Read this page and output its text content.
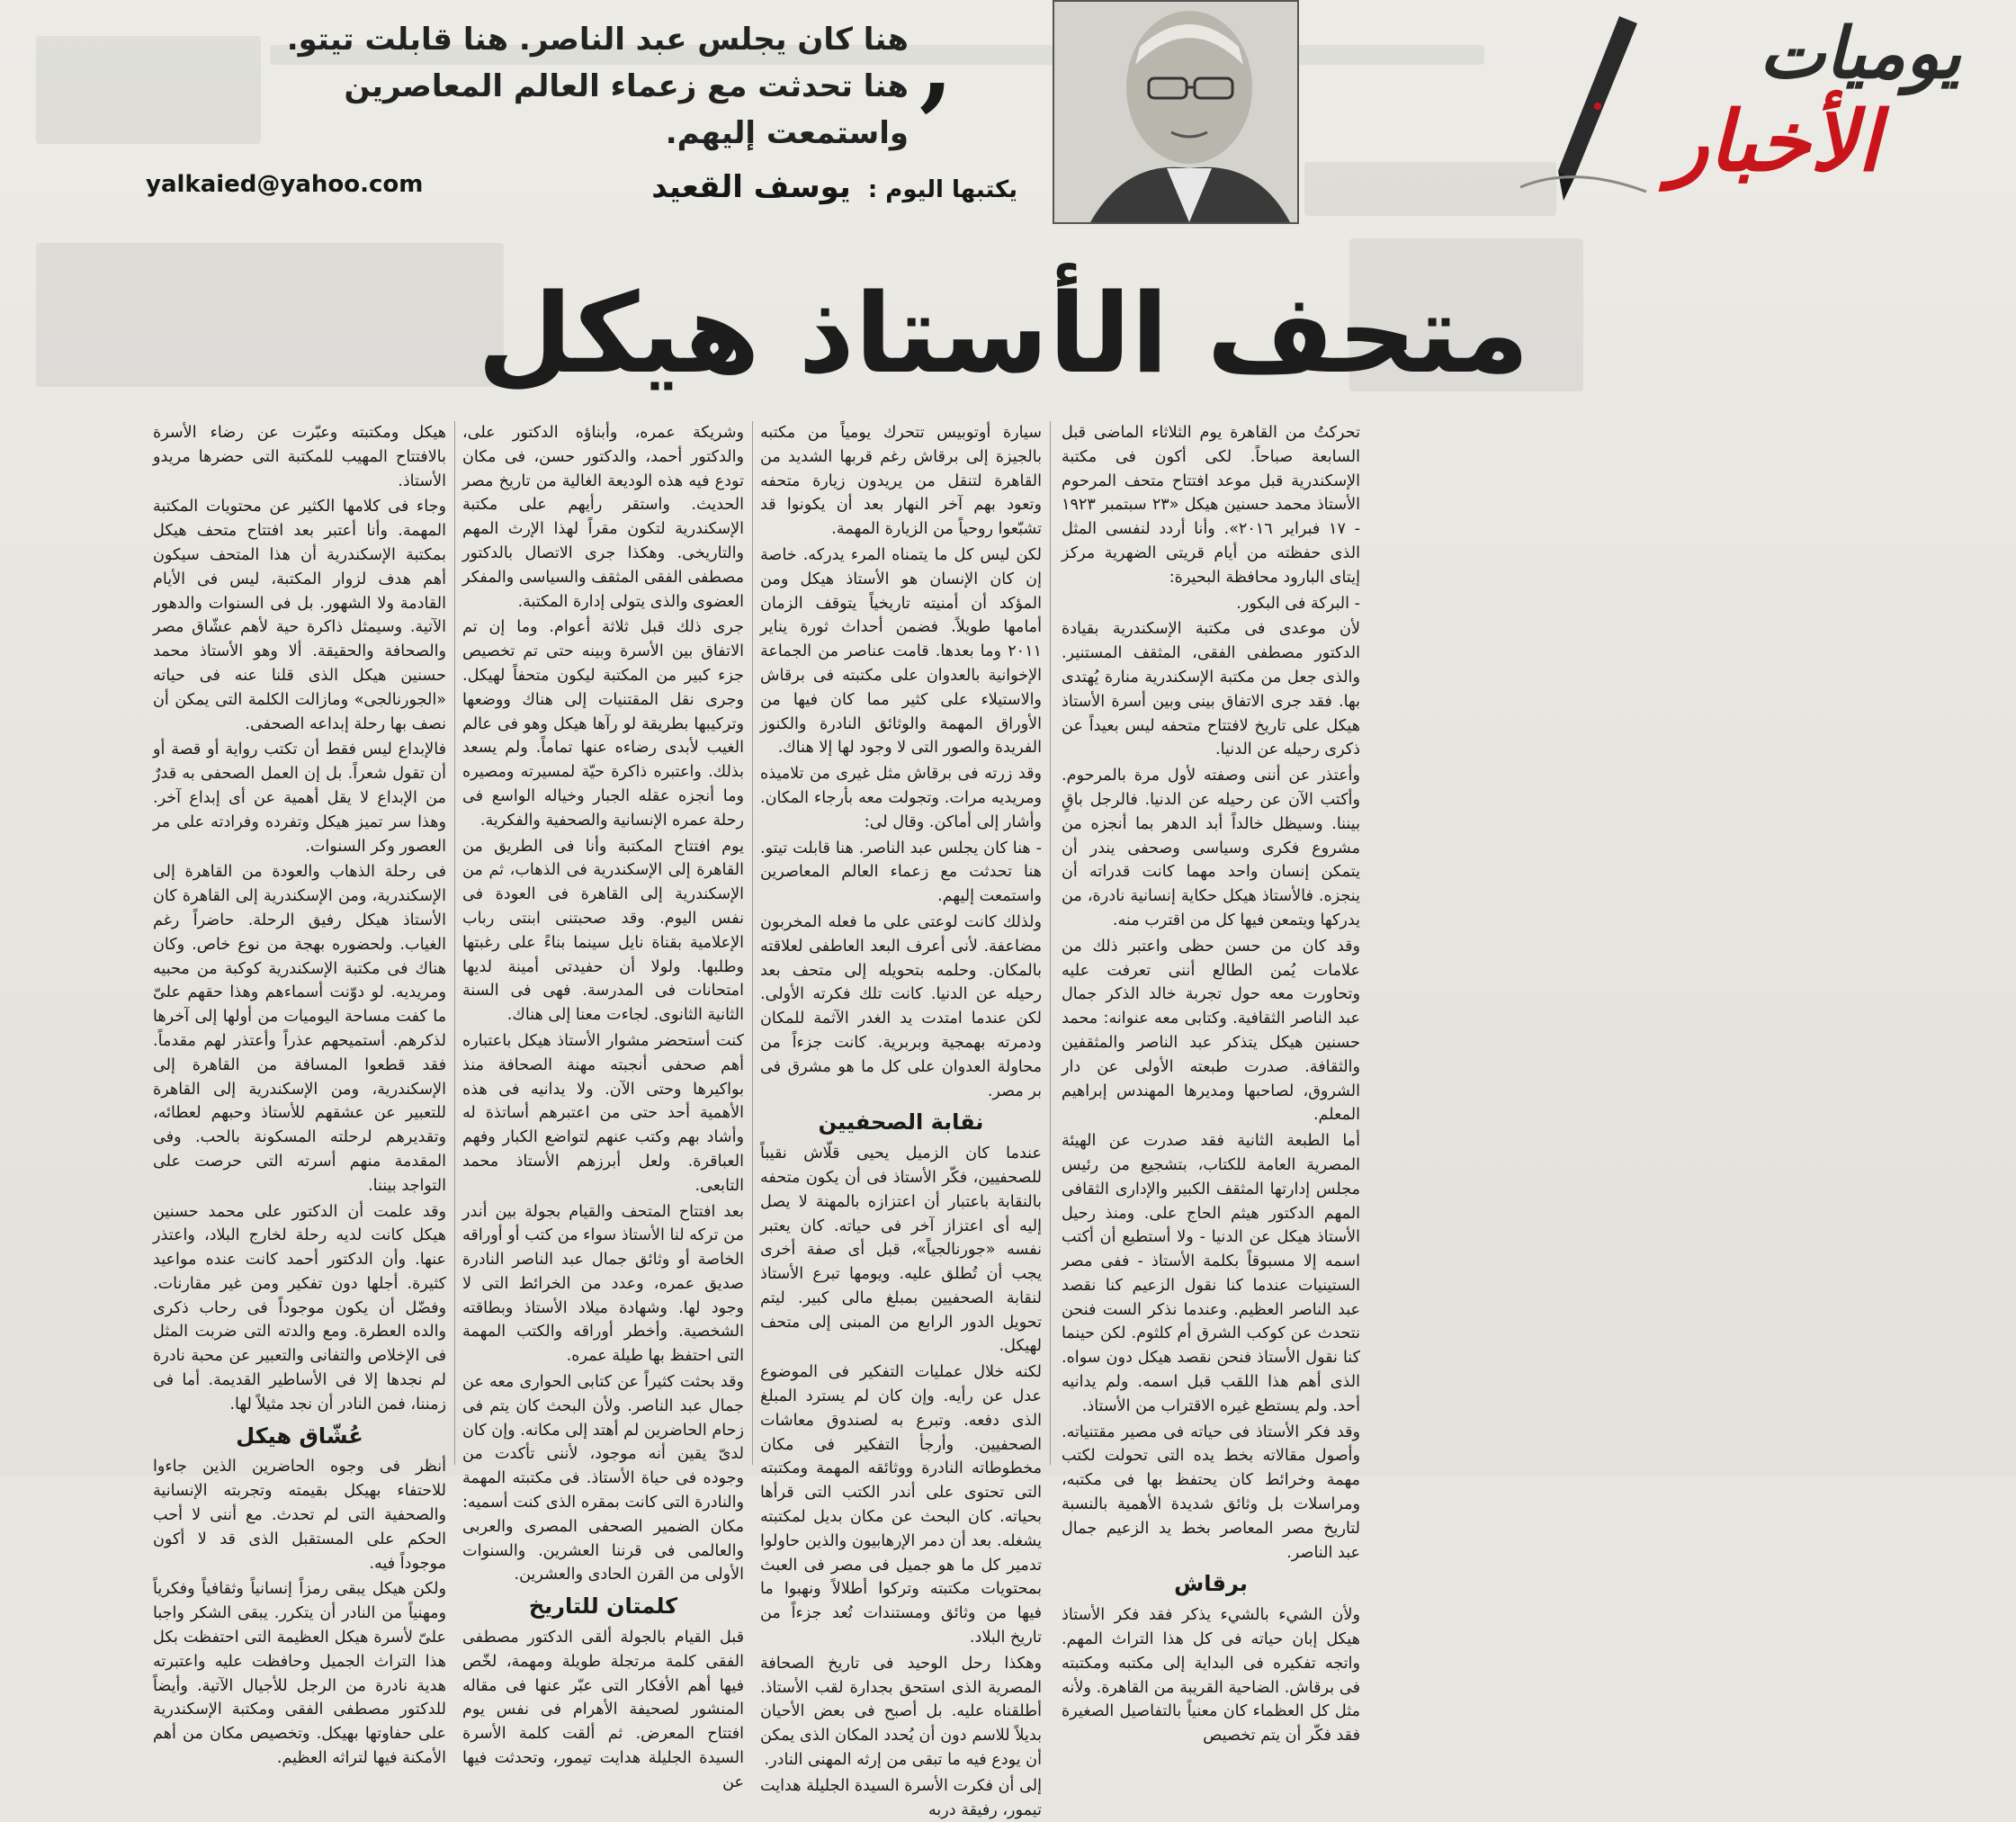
يوميات
الأخبار
,
هنا كان يجلس عبد الناصر. هنا قابلت تيتو. هنا تحدثت مع زعماء العالم المعاصرين واستمعت إليهم.
يكتبها اليوم : يوسف القعيد
yalkaied@yahoo.com
متحف الأستاذ هيكل

تحركتُ من القاهرة يوم الثلاثاء الماضى قبل السابعة صباحاً. لكى أكون فى مكتبة الإسكندرية قبل موعد افتتاح متحف المرحوم الأستاذ محمد حسنين هيكل «٢٣ سبتمبر ١٩٢٣ - ١٧ فبراير ٢٠١٦». وأنا أردد لنفسى المثل الذى حفظته من أيام قريتى الضهرية مركز إيتاى البارود محافظة البحيرة:

- البركة فى البكور.

لأن موعدى فى مكتبة الإسكندرية بقيادة الدكتور مصطفى الفقى، المثقف المستنير. والذى جعل من مكتبة الإسكندرية منارة يُهتدى بها. فقد جرى الاتفاق بينى وبين أسرة الأستاذ هيكل على تاريخ لافتتاح متحفه ليس بعيداً عن ذكرى رحيله عن الدنيا.

وأعتذر عن أننى وصفته لأول مرة بالمرحوم. وأكتب الآن عن رحيله عن الدنيا. فالرجل باقٍ بيننا. وسيظل خالداً أبد الدهر بما أنجزه من مشروع فكرى وسياسى وصحفى يندر أن يتمكن إنسان واحد مهما كانت قدراته أن ينجزه. فالأستاذ هيكل حكاية إنسانية نادرة، من يدركها ويتمعن فيها كل من اقترب منه.

وقد كان من حسن حظى واعتبر ذلك من علامات يُمن الطالع أننى تعرفت عليه وتحاورت معه حول تجربة خالد الذكر جمال عبد الناصر الثقافية. وكتابى معه عنوانه: محمد حسنين هيكل يتذكر عبد الناصر والمثقفين والثقافة. صدرت طبعته الأولى عن دار الشروق، لصاحبها ومديرها المهندس إبراهيم المعلم.

أما الطبعة الثانية فقد صدرت عن الهيئة المصرية العامة للكتاب، بتشجيع من رئيس مجلس إدارتها المثقف الكبير والإدارى الثقافى المهم الدكتور هيثم الحاج على. ومنذ رحيل الأستاذ هيكل عن الدنيا - ولا أستطيع أن أكتب اسمه إلا مسبوقاً بكلمة الأستاذ - ففى مصر الستينيات عندما كنا نقول الزعيم كنا نقصد عبد الناصر العظيم. وعندما نذكر الست فنحن نتحدث عن كوكب الشرق أم كلثوم. لكن حينما كنا نقول الأستاذ فنحن نقصد هيكل دون سواه. الذى أهم هذا اللقب قبل اسمه. ولم يدانيه أحد. ولم يستطع غيره الاقتراب من الأستاذ.

وقد فكر الأستاذ فى حياته فى مصير مقتنياته. وأصول مقالاته بخط يده التى تحولت لكتب مهمة وخرائط كان يحتفظ بها فى مكتبه، ومراسلات بل وثائق شديدة الأهمية بالنسبة لتاريخ مصر المعاصر بخط يد الزعيم جمال عبد الناصر.

برقاش

ولأن الشيء بالشيء يذكر فقد فكر الأستاذ هيكل إبان حياته فى كل هذا التراث المهم. واتجه تفكيره فى البداية إلى مكتبه ومكتبته فى برقاش. الضاحية القريبة من القاهرة. ولأنه مثل كل العظماء كان معنياً بالتفاصيل الصغيرة فقد فكّر أن يتم تخصيص

سيارة أوتوبيس تتحرك يومياً من مكتبه بالجيزة إلى برقاش رغم قربها الشديد من القاهرة لتنقل من يريدون زيارة متحفه وتعود بهم آخر النهار بعد أن يكونوا قد تشبّعوا روحياً من الزيارة المهمة.

لكن ليس كل ما يتمناه المرء يدركه. خاصة إن كان الإنسان هو الأستاذ هيكل ومن المؤكد أن أمنيته تاريخياً يتوقف الزمان أمامها طويلاً. فضمن أحداث ثورة يناير ٢٠١١ وما بعدها. قامت عناصر من الجماعة الإخوانية بالعدوان على مكتبته فى برقاش والاستيلاء على كثير مما كان فيها من الأوراق المهمة والوثائق النادرة والكنوز الفريدة والصور التى لا وجود لها إلا هناك.

وقد زرته فى برقاش مثل غيرى من تلاميذه ومريديه مرات. وتجولت معه بأرجاء المكان. وأشار إلى أماكن. وقال لى:

- هنا كان يجلس عبد الناصر. هنا قابلت تيتو. هنا تحدثت مع زعماء العالم المعاصرين واستمعت إليهم.

ولذلك كانت لوعتى على ما فعله المخربون مضاعفة. لأنى أعرف البعد العاطفى لعلاقته بالمكان. وحلمه بتحويله إلى متحف بعد رحيله عن الدنيا. كانت تلك فكرته الأولى. لكن عندما امتدت يد الغدر الآثمة للمكان ودمرته بهمجية وبربرية. كانت جزءاً من محاولة العدوان على كل ما هو مشرق فى بر مصر.

نقابة الصحفيين

عندما كان الزميل يحيى قلّاش نقيباً للصحفيين، فكّر الأستاذ فى أن يكون متحفه بالنقابة باعتبار أن اعتزازه بالمهنة لا يصل إليه أى اعتزاز آخر فى حياته. كان يعتبر نفسه «جورنالجياً»، قبل أى صفة أخرى يجب أن تُطلق عليه. ويومها تبرع الأستاذ لنقابة الصحفيين بمبلغ مالى كبير. ليتم تحويل الدور الرابع من المبنى إلى متحف لهيكل.

لكنه خلال عمليات التفكير فى الموضوع عدل عن رأيه. وإن كان لم يسترد المبلغ الذى دفعه. وتبرع به لصندوق معاشات الصحفيين. وأرجأ التفكير فى مكان مخطوطاته النادرة ووثائقه المهمة ومكتبته التى تحتوى على أندر الكتب التى قرأها بحياته. كان البحث عن مكان بديل لمكتبته يشغله. بعد أن دمر الإرهابيون والذين حاولوا تدمير كل ما هو جميل فى مصر فى العبث بمحتويات مكتبته وتركوا أطلالاً ونهبوا ما فيها من وثائق ومستندات تُعد جزءاً من تاريخ البلاد.

وهكذا رحل الوحيد فى تاريخ الصحافة المصرية الذى استحق بجدارة لقب الأستاذ. أطلقناه عليه. بل أصبح فى بعض الأحيان بديلاً للاسم دون أن يُحدد المكان الذى يمكن أن يودع فيه ما تبقى من إرثه المهنى النادر.

إلى أن فكرت الأسرة السيدة الجليلة هدايت تيمور، رفيقة دربه

وشريكة عمره، وأبناؤه الدكتور على، والدكتور أحمد، والدكتور حسن، فى مكان تودع فيه هذه الوديعة الغالية من تاريخ مصر الحديث. واستقر رأيهم على مكتبة الإسكندرية لتكون مقراً لهذا الإرث المهم والتاريخى. وهكذا جرى الاتصال بالدكتور مصطفى الفقى المثقف والسياسى والمفكر العضوى والذى يتولى إدارة المكتبة.

جرى ذلك قبل ثلاثة أعوام. وما إن تم الاتفاق بين الأسرة وبينه حتى تم تخصيص جزء كبير من المكتبة ليكون متحفاً لهيكل. وجرى نقل المقتنيات إلى هناك ووضعها وتركيبها بطريقة لو رآها هيكل وهو فى عالم الغيب لأبدى رضاءه عنها تماماً. ولم يسعد بذلك. واعتبره ذاكرة حيّة لمسيرته ومصيره وما أنجزه عقله الجبار وخياله الواسع فى رحلة عمره الإنسانية والصحفية والفكرية.

يوم افتتاح المكتبة وأنا فى الطريق من القاهرة إلى الإسكندرية فى الذهاب، ثم من الإسكندرية إلى القاهرة فى العودة فى نفس اليوم. وقد صحبتنى ابنتى رباب الإعلامية بقناة نايل سينما بناءً على رغبتها وطلبها. ولولا أن حفيدتى أمينة لديها امتحانات فى المدرسة. فهى فى السنة الثانية الثانوى. لجاءت معنا إلى هناك.

كنت أستحضر مشوار الأستاذ هيكل باعتباره أهم صحفى أنجبته مهنة الصحافة منذ بواكيرها وحتى الآن. ولا يدانيه فى هذه الأهمية أحد حتى من اعتبرهم أساتذة له وأشاد بهم وكتب عنهم لتواضع الكبار وفهم العباقرة. ولعل أبرزهم الأستاذ محمد التابعى.

بعد افتتاح المتحف والقيام بجولة بين أندر من تركه لنا الأستاذ سواء من كتب أو أوراقه الخاصة أو وثائق جمال عبد الناصر النادرة صديق عمره، وعدد من الخرائط التى لا وجود لها. وشهادة ميلاد الأستاذ وبطاقته الشخصية. وأخطر أوراقه والكتب المهمة التى احتفظ بها طيلة عمره.

وقد بحثت كثيراً عن كتابى الحوارى معه عن جمال عبد الناصر. ولأن البحث كان يتم فى زحام الحاضرين لم أهتد إلى مكانه. وإن كان لدىّ يقين أنه موجود، لأننى تأكدت من وجوده فى حياة الأستاذ. فى مكتبته المهمة والنادرة التى كانت بمقره الذى كنت أسميه: مكان الضمير الصحفى المصرى والعربى والعالمى فى قرننا العشرين. والسنوات الأولى من القرن الحادى والعشرين.

كلمتان للتاريخ

قبل القيام بالجولة ألقى الدكتور مصطفى الفقى كلمة مرتجلة طويلة ومهمة، لخّص فيها أهم الأفكار التى عبّر عنها فى مقاله المنشور لصحيفة الأهرام فى نفس يوم افتتاح المعرض. ثم ألقت كلمة الأسرة السيدة الجليلة هدايت تيمور، وتحدثت فيها عن

هيكل ومكتبته وعبّرت عن رضاء الأسرة بالافتتاح المهيب للمكتبة التى حضرها مريدو الأستاذ.

وجاء فى كلامها الكثير عن محتويات المكتبة المهمة. وأنا أعتبر بعد افتتاح متحف هيكل بمكتبة الإسكندرية أن هذا المتحف سيكون أهم هدف لزوار المكتبة، ليس فى الأيام القادمة ولا الشهور. بل فى السنوات والدهور الآتية. وسيمثل ذاكرة حية لأهم عشّاق مصر والصحافة والحقيقة. ألا وهو الأستاذ محمد حسنين هيكل الذى قلنا عنه فى حياته «الجورنالجى» ومازالت الكلمة التى يمكن أن نصف بها رحلة إبداعه الصحفى.

فالإبداع ليس فقط أن تكتب رواية أو قصة أو أن تقول شعراً. بل إن العمل الصحفى به قدرٌ من الإبداع لا يقل أهمية عن أى إبداع آخر. وهذا سر تميز هيكل وتفرده وفرادته على مر العصور وكر السنوات.

فى رحلة الذهاب والعودة من القاهرة إلى الإسكندرية، ومن الإسكندرية إلى القاهرة كان الأستاذ هيكل رفيق الرحلة. حاضراً رغم الغياب. ولحضوره بهجة من نوع خاص. وكان هناك فى مكتبة الإسكندرية كوكبة من محبيه ومريديه. لو دوّنت أسماءهم وهذا حقهم علىّ ما كفت مساحة اليوميات من أولها إلى آخرها لذكرهم. أستميحهم عذراً وأعتذر لهم مقدماً. فقد قطعوا المسافة من القاهرة إلى الإسكندرية، ومن الإسكندرية إلى القاهرة للتعبير عن عشقهم للأستاذ وحبهم لعطائه، وتقديرهم لرحلته المسكونة بالحب. وفى المقدمة منهم أسرته التى حرصت على التواجد بيننا.

وقد علمت أن الدكتور على محمد حسنين هيكل كانت لديه رحلة لخارج البلاد، واعتذر عنها. وأن الدكتور أحمد كانت عنده مواعيد كثيرة. أجلها دون تفكير ومن غير مقارنات. وفضّل أن يكون موجوداً فى رحاب ذكرى والده العطرة. ومع والدته التى ضربت المثل فى الإخلاص والتفانى والتعبير عن محبة نادرة لم نجدها إلا فى الأساطير القديمة. أما فى زمننا، فمن النادر أن نجد مثيلاً لها.

عُشّاق هيكل

أنظر فى وجوه الحاضرين الذين جاءوا للاحتفاء بهيكل بقيمته وتجربته الإنسانية والصحفية التى لم تحدث. مع أننى لا أحب الحكم على المستقبل الذى قد لا أكون موجوداً فيه.

ولكن هيكل يبقى رمزاً إنسانياً وثقافياً وفكرياً ومهنياً من النادر أن يتكرر. يبقى الشكر واجبا علىّ لأسرة هيكل العظيمة التى احتفظت بكل هذا التراث الجميل وحافظت عليه واعتبرته هدية نادرة من الرجل للأجيال الآتية. وأيضاً للدكتور مصطفى الفقى ومكتبة الإسكندرية على حفاوتها بهيكل. وتخصيص مكان من أهم الأمكنة فيها لتراثه العظيم.
